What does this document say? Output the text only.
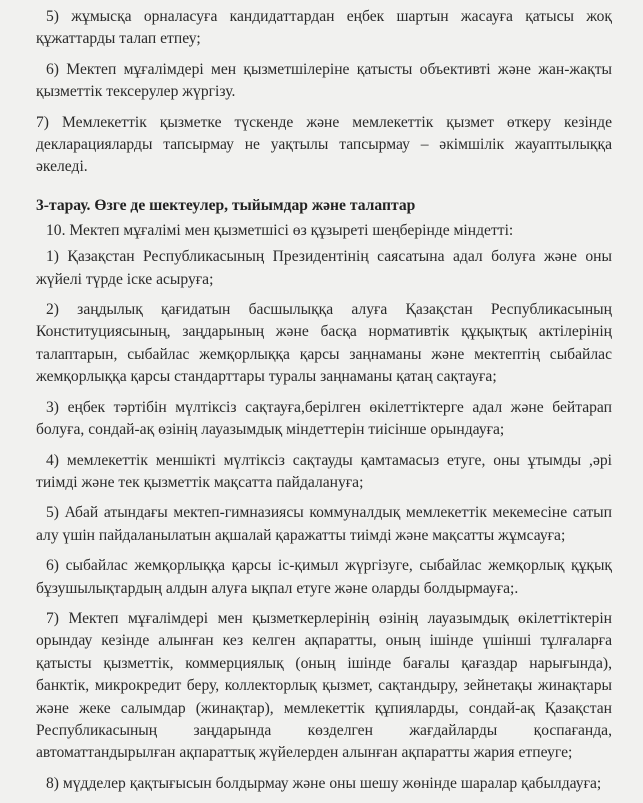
5) жұмысқа орналасуға кандидаттардан еңбек шартын жасауға қатысы жоқ құжаттарды талап етпеу;

6) Мектеп мұғалімдері мен қызметшілеріне қатысты объективті және жан-жақты қызметтік тексерулер жүргізу.

7) Мемлекеттік қызметке түскенде және мемлекеттік қызмет өткеру кезінде декларацияларды тапсырмау не уақтылы тапсырмау – әкімшілік жауаптылыққа әкеледі.

3-тарау. Өзге де шектеулер, тыйымдар және талаптар

10. Мектеп мұғалімі мен қызметшісі өз құзыреті шеңберінде міндетті:

1) Қазақстан Республикасының Президентінің саясатына адал болуға және оны жүйелі түрде іске асыруға;

2) заңдылық қағидатын басшылыққа алуға Қазақстан Республикасының Конституциясының, заңдарының және басқа нормативтік құқықтық актілерінің талаптарын, сыбайлас жемқорлыққа қарсы заңнаманы және мектептің сыбайлас жемқорлыққа қарсы стандарттары туралы заңнаманы қатаң сақтауға;

3) еңбек тәртібін мүлтіксіз сақтауға,берілген өкілеттіктерге адал және бейтарап болуға, сондай-ақ өзінің лауазымдық міндеттерін тиісінше орындауға;

4) мемлекеттік меншікті мүлтіксіз сақтауды қамтамасыз етуге, оны ұтымды ,әрі тиімді және тек қызметтік мақсатта пайдалануға;

5) Абай атындағы мектеп-гимназиясы коммуналдық мемлекеттік мекемесіне сатып алу үшін пайдаланылатын ақшалай қаражатты тиімді және мақсатты жұмсауға;

6) сыбайлас жемқорлыққа қарсы іс-қимыл жүргізуге, сыбайлас жемқорлық құқық бұзушылықтардың алдын алуға ықпал етуге және оларды болдырмауға;.

7) Мектеп мұғалімдері мен қызметкерлерінің өзінің лауазымдық өкілеттіктерін орындау кезінде алынған кез келген ақпаратты, оның ішінде үшінші тұлғаларға қатысты қызметтік, коммерциялық (оның ішінде бағалы қағаздар нарығында), банктік, микрокредит беру, коллекторлық қызмет, сақтандыру, зейнетақы жинақтары және жеке салымдар (жинақтар), мемлекеттік құпияларды, сондай-ақ Қазақстан Республикасының заңдарында көзделген жағдайларды қоспағанда, автоматтандырылған ақпараттық жүйелерден алынған ақпаратты жария етпеуге;

8) мүдделер қақтығысын болдырмау және оны шешу жөнінде шаралар қабылдауға;
